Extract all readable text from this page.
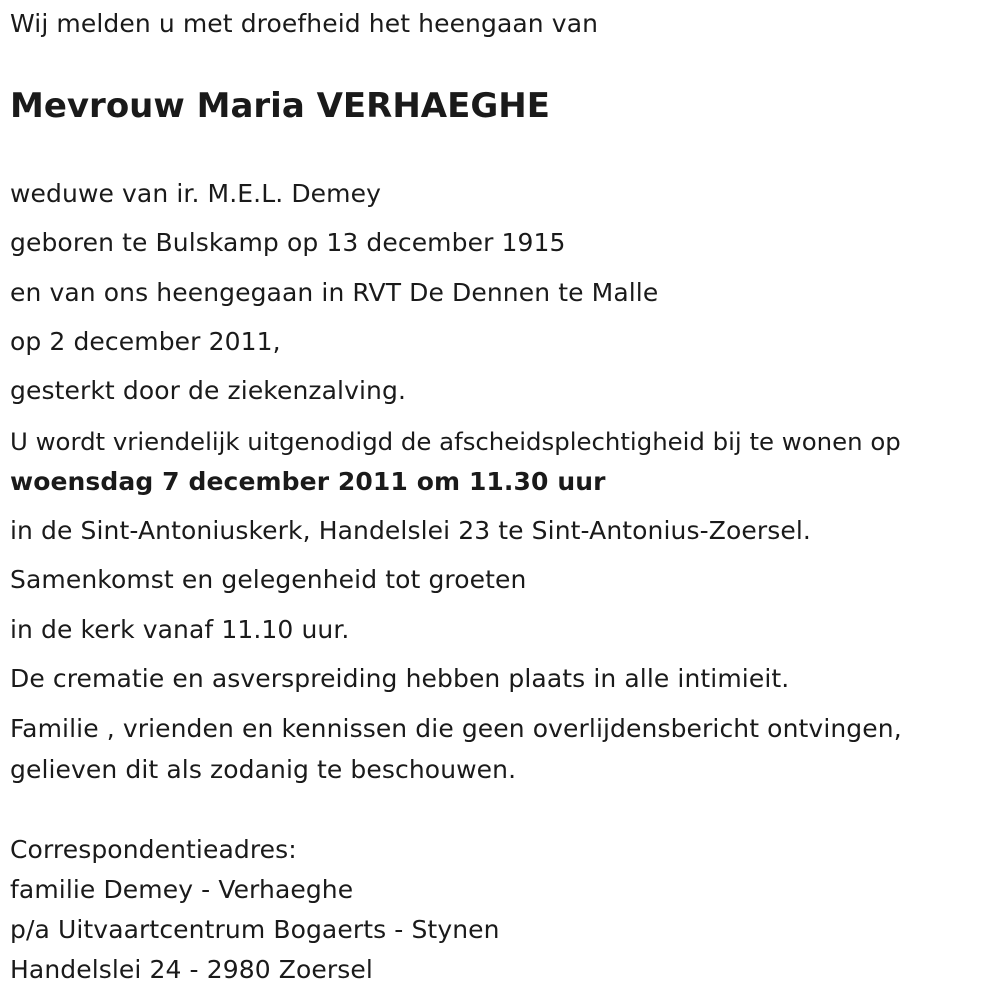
Wij melden u met droefheid het heengaan van
Mevrouw Maria VERHAEGHE
weduwe van ir. M.E.L. Demey
geboren te Bulskamp op 13 december 1915
en van ons heengegaan in RVT De Dennen te Malle
op 2 december 2011,
gesterkt door de ziekenzalving.
U wordt vriendelijk uitgenodigd de afscheidsplechtigheid bij te wonen op
woensdag 7 december 2011 om 11.30 uur
in de Sint-Antoniuskerk, Handelslei 23 te Sint-Antonius-Zoersel.
Samenkomst en gelegenheid tot groeten
in de kerk vanaf 11.10 uur.
De crematie en asverspreiding hebben plaats in alle intimieit.
Familie , vrienden en kennissen die geen overlijdensbericht ontvingen,
gelieven dit als zodanig te beschouwen.
Correspondentieadres:
familie Demey - Verhaeghe
p/a Uitvaartcentrum Bogaerts - Stynen
Handelslei 24 - 2980 Zoersel
